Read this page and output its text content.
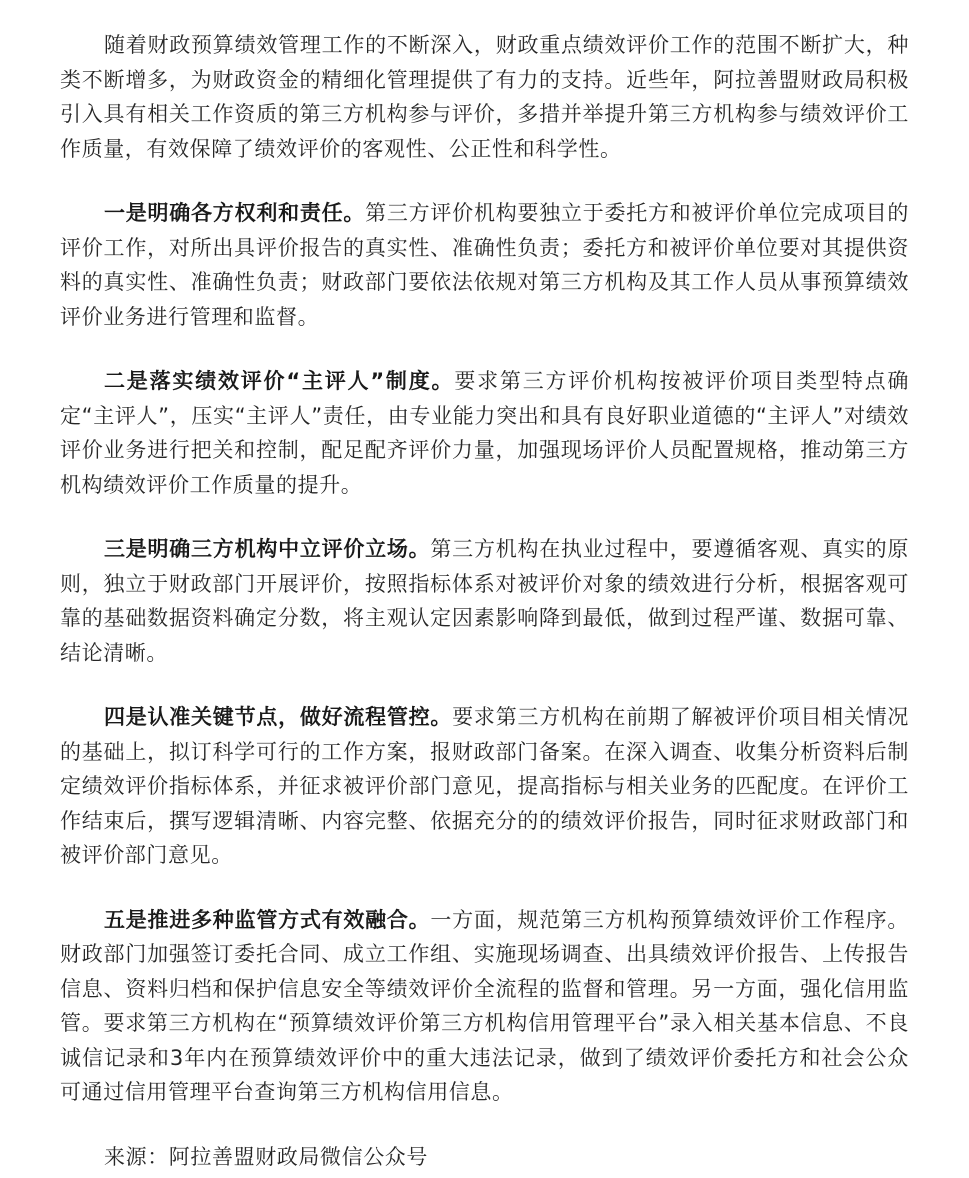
随着财政预算绩效管理工作的不断深入，财政重点绩效评价工作的范围不断扩大，种类不断增多，为财政资金的精细化管理提供了有力的支持。近些年，阿拉善盟财政局积极引入具有相关工作资质的第三方机构参与评价，多措并举提升第三方机构参与绩效评价工作质量，有效保障了绩效评价的客观性、公正性和科学性。

一是明确各方权利和责任。第三方评价机构要独立于委托方和被评价单位完成项目的评价工作，对所出具评价报告的真实性、准确性负责；委托方和被评价单位要对其提供资料的真实性、准确性负责；财政部门要依法依规对第三方机构及其工作人员从事预算绩效评价业务进行管理和监督。

二是落实绩效评价“主评人”制度。要求第三方评价机构按被评价项目类型特点确定“主评人”，压实“主评人”责任，由专业能力突出和具有良好职业道德的“主评人”对绩效评价业务进行把关和控制，配足配齐评价力量，加强现场评价人员配置规格，推动第三方机构绩效评价工作质量的提升。

三是明确三方机构中立评价立场。第三方机构在执业过程中，要遵循客观、真实的原则，独立于财政部门开展评价，按照指标体系对被评价对象的绩效进行分析，根据客观可靠的基础数据资料确定分数，将主观认定因素影响降到最低，做到过程严谨、数据可靠、结论清晰。

四是认准关键节点，做好流程管控。要求第三方机构在前期了解被评价项目相关情况的基础上，拟订科学可行的工作方案，报财政部门备案。在深入调查、收集分析资料后制定绩效评价指标体系，并征求被评价部门意见，提高指标与相关业务的匹配度。在评价工作结束后，撰写逻辑清晰、内容完整、依据充分的的绩效评价报告，同时征求财政部门和被评价部门意见。

五是推进多种监管方式有效融合。一方面，规范第三方机构预算绩效评价工作程序。财政部门加强签订委托合同、成立工作组、实施现场调查、出具绩效评价报告、上传报告信息、资料归档和保护信息安全等绩效评价全流程的监督和管理。另一方面，强化信用监管。要求第三方机构在“预算绩效评价第三方机构信用管理平台”录入相关基本信息、不良诚信记录和3年内在预算绩效评价中的重大违法记录，做到了绩效评价委托方和社会公众可通过信用管理平台查询第三方机构信用信息。

来源：阿拉善盟财政局微信公众号
